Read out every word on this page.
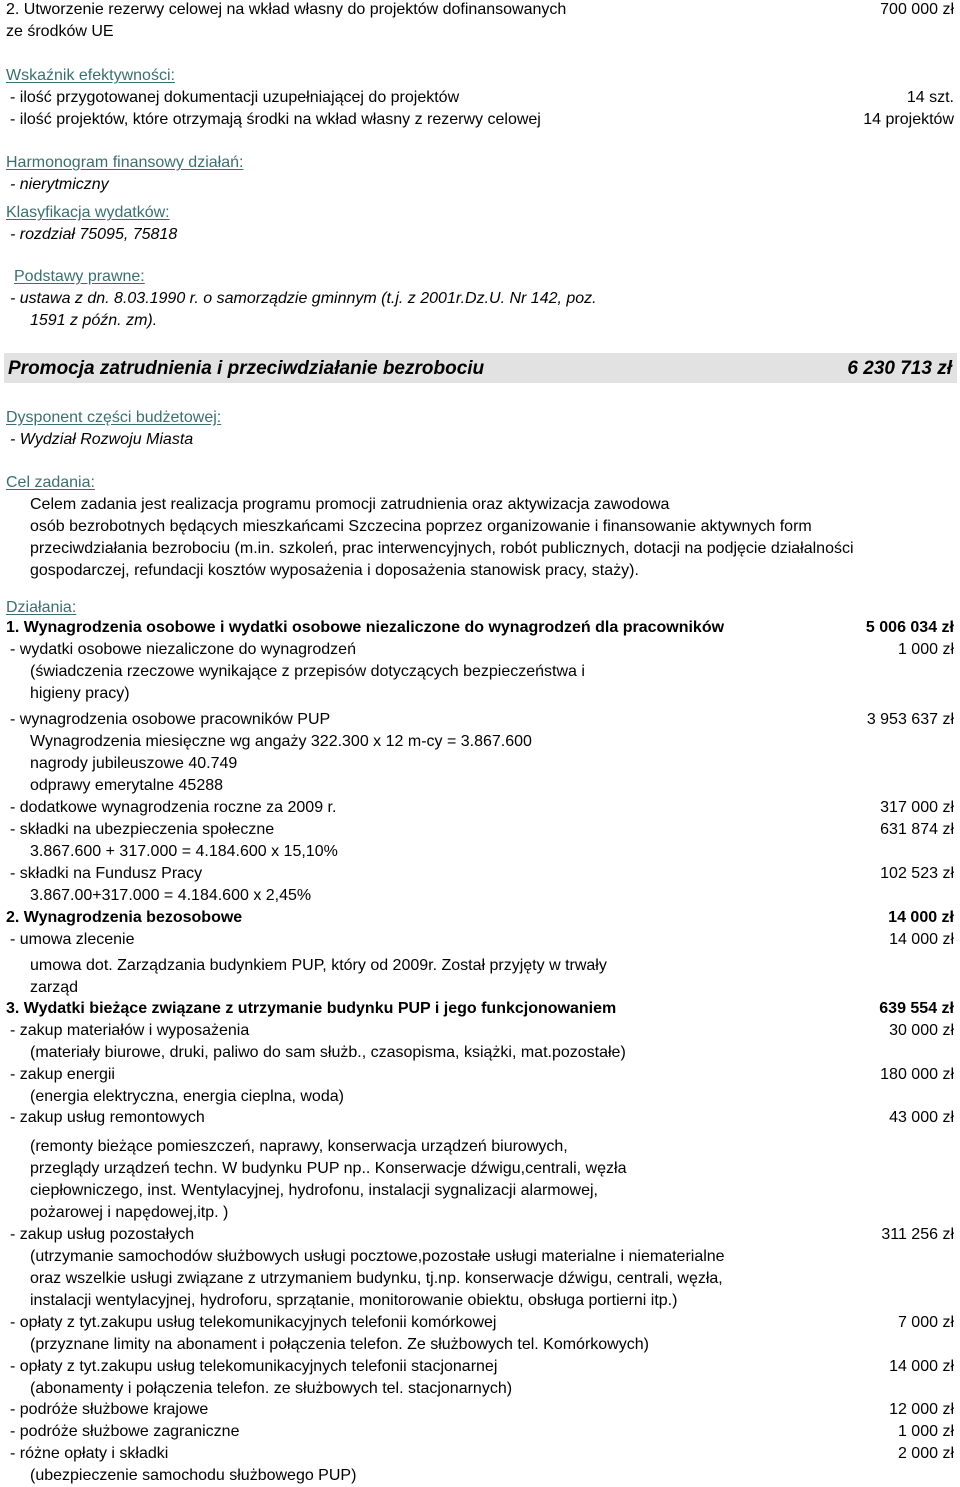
2. Utworzenie rezerwy celowej na wkład własny do projektów dofinansowanych
ze środków UE
700 000 zł
Wskaźnik efektywności:
- ilość przygotowanej dokumentacji uzupełniającej do projektów	14 szt.
- ilość projektów, które otrzymają środki na wkład własny z rezerwy celowej	14 projektów
Harmonogram finansowy działań:
- nierytmiczny
Klasyfikacja wydatków:
- rozdział 75095, 75818
Podstawy prawne:
- ustawa z dn. 8.03.1990 r. o samorządzie gminnym (t.j. z 2001r.Dz.U. Nr 142, poz.
1591 z późn. zm).
Promocja zatrudnienia i przeciwdziałanie bezrobociu	6 230 713 zł
Dysponent części budżetowej:
- Wydział Rozwoju Miasta
Cel zadania:
Celem zadania jest realizacja programu promocji zatrudnienia oraz aktywizacja zawodowa
osób bezrobotnych będących mieszkańcami Szczecina poprzez organizowanie i finansowanie aktywnych form
przeciwdziałania bezrobociu (m.in. szkoleń, prac interwencyjnych, robót publicznych, dotacji na podjęcie działalności
gospodarczej, refundacji kosztów wyposażenia i doposażenia stanowisk pracy, staży).
Działania:
1. Wynagrodzenia osobowe i wydatki osobowe niezaliczone do wynagrodzeń dla pracowników	5 006 034 zł
- wydatki osobowe niezaliczone do wynagrodzeń	1 000 zł
(świadczenia rzeczowe wynikające z przepisów dotyczących bezpieczeństwa i
higieny pracy)
- wynagrodzenia osobowe pracowników PUP	3 953 637 zł
Wynagrodzenia miesięczne wg angaży 322.300 x 12 m-cy = 3.867.600
nagrody jubileuszowe 40.749
odprawy emerytalne 45288
- dodatkowe wynagrodzenia roczne za 2009 r.	317 000 zł
- składki na ubezpieczenia społeczne	631 874 zł
3.867.600 + 317.000 = 4.184.600 x 15,10%
- składki na Fundusz Pracy	102 523 zł
3.867.00+317.000 = 4.184.600 x 2,45%
2. Wynagrodzenia bezosobowe	14 000 zł
- umowa zlecenie	14 000 zł
umowa dot. Zarządzania budynkiem PUP, który od 2009r. Został przyjęty w trwały
zarząd
3. Wydatki bieżące związane z utrzymanie budynku PUP i jego funkcjonowaniem	639 554 zł
- zakup materiałów i wyposażenia	30 000 zł
(materiały biurowe, druki, paliwo do sam służb., czasopisma, książki, mat.pozostałe)
- zakup energii	180 000 zł
(energia elektryczna, energia cieplna, woda)
- zakup usług remontowych	43 000 zł
(remonty bieżące pomieszczeń, naprawy, konserwacja urządzeń biurowych,
przeglądy urządzeń techn. W budynku PUP np.. Konserwacje dźwigu,centrali, węzła
ciepłowniczego, inst. Wentylacyjnej, hydrofonu, instalacji sygnalizacji alarmowej,
pożarowej i napędowej,itp. )
- zakup usług pozostałych	311 256 zł
(utrzymanie samochodów służbowych usługi pocztowe,pozostałe usługi materialne i niematerialne
oraz wszelkie usługi związane z utrzymaniem budynku, tj.np. konserwacje dźwigu, centrali, węzła,
instalacji wentylacyjnej, hydroforu, sprzątanie, monitorowanie obiektu, obsługa portierni itp.)
- opłaty z tyt.zakupu usług telekomunikacyjnych telefonii komórkowej	7 000 zł
(przyznane limity na abonament i połączenia telefon. Ze służbowych tel. Komórkowych)
- opłaty z tyt.zakupu usług telekomunikacyjnych telefonii stacjonarnej	14 000 zł
(abonamenty i połączenia telefon. ze służbowych tel. stacjonarnych)
- podróże służbowe krajowe	12 000 zł
- podróże służbowe zagraniczne	1 000 zł
- różne opłaty i składki	2 000 zł
(ubezpieczenie samochodu służbowego PUP)
